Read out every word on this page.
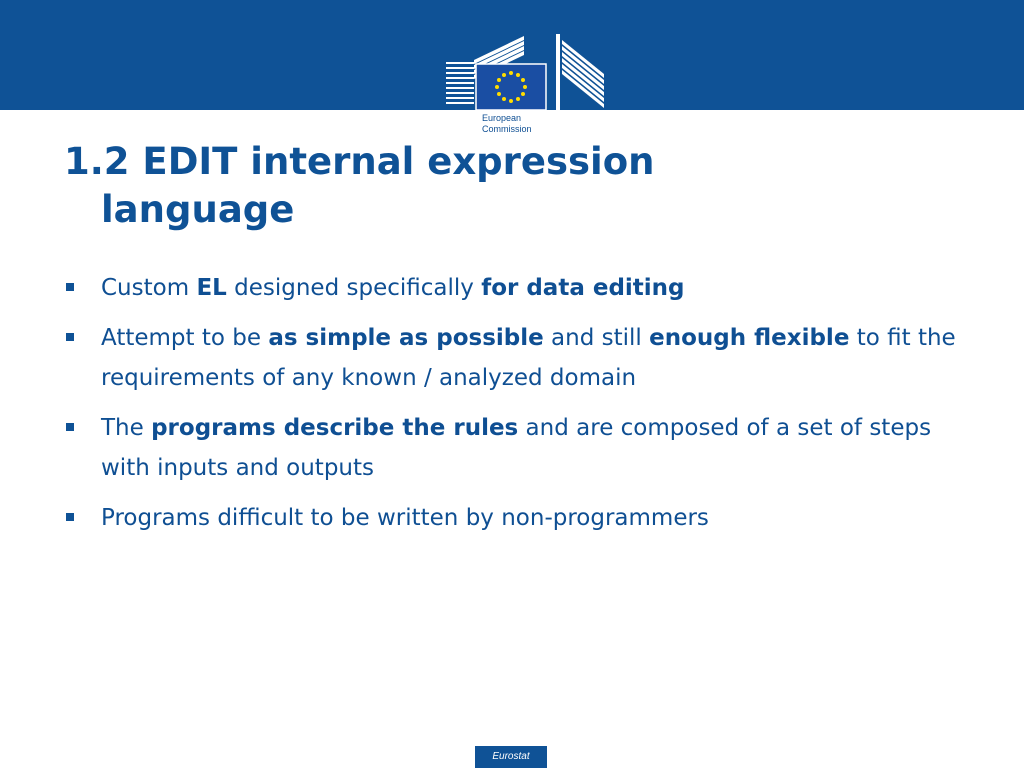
European
Commission
1.2 EDIT internal expression
language
Custom EL designed specifically for data editing
Attempt to be as simple as possible and still enough flexible to fit the requirements of any known / analyzed domain
The programs describe the rules and are composed of a set of steps with inputs and outputs
Programs difficult to be written by non-programmers
Eurostat
